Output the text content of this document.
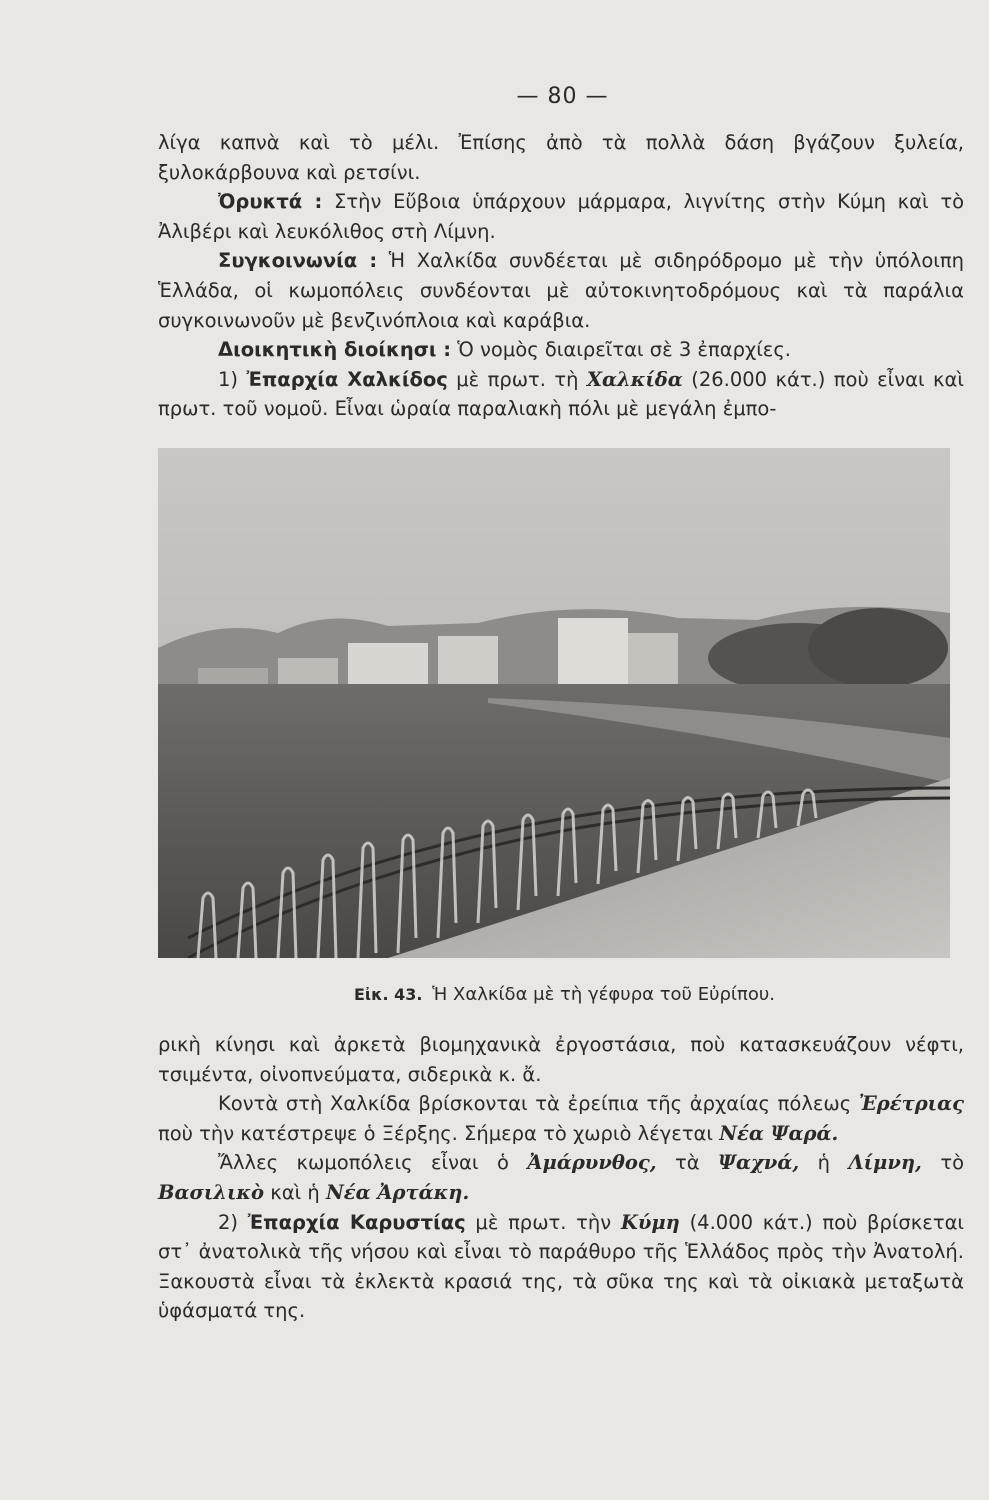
— 80 —

λίγα καπνὰ καὶ τὸ μέλι. Ἐπίσης ἀπὸ τὰ πολλὰ δάση βγάζουν ξυλεία, ξυλοκάρβουνα καὶ ρετσίνι.

Ὀρυκτά : Στὴν Εὔβοια ὑπάρχουν μάρμαρα, λιγνίτης στὴν Κύμη καὶ τὸ Ἀλιβέρι καὶ λευκόλιθος στὴ Λίμνη.

Συγκοινωνία : Ἡ Χαλκίδα συνδέεται μὲ σιδηρόδρομο μὲ τὴν ὑπόλοιπη Ἑλλάδα, οἱ κωμοπόλεις συνδέονται μὲ αὐτοκινητοδρόμους καὶ τὰ παράλια συγκοινωνοῦν μὲ βενζινόπλοια καὶ καράβια.

Διοικητικὴ διοίκησι : Ὁ νομὸς διαιρεῖται σὲ 3 ἐπαρχίες.

1) Ἐπαρχία Χαλκίδος μὲ πρωτ. τὴ Χαλκίδα (26.000 κάτ.) ποὺ εἶναι καὶ πρωτ. τοῦ νομοῦ. Εἶναι ὡραία παραλιακὴ πόλι μὲ μεγάλη ἐμπο-

Εἰκ. 43. Ἡ Χαλκίδα μὲ τὴ γέφυρα τοῦ Εὐρίπου.

ρικὴ κίνησι καὶ ἀρκετὰ βιομηχανικὰ ἐργοστάσια, ποὺ κατασκευάζουν νέφτι, τσιμέντα, οἰνοπνεύματα, σιδερικὰ κ. ἄ.

Κοντὰ στὴ Χαλκίδα βρίσκονται τὰ ἐρείπια τῆς ἀρχαίας πόλεως Ἐρέτριας ποὺ τὴν κατέστρεψε ὁ Ξέρξης. Σήμερα τὸ χωριὸ λέγεται Νέα Ψαρά.

Ἄλλες κωμοπόλεις εἶναι ὁ Ἀμάρυνθος, τὰ Ψαχνά, ἡ Λίμνη, τὸ Βασιλικὸ καὶ ἡ Νέα Ἀρτάκη.

2) Ἐπαρχία Καρυστίας μὲ πρωτ. τὴν Κύμη (4.000 κάτ.) ποὺ βρίσκεται στ᾽ ἀνατολικὰ τῆς νήσου καὶ εἶναι τὸ παράθυρο τῆς Ἑλλάδος πρὸς τὴν Ἀνατολή. Ξακουστὰ εἶναι τὰ ἐκλεκτὰ κρασιά της, τὰ σῦκα της καὶ τὰ οἰκιακὰ μεταξωτὰ ὑφάσματά της.
